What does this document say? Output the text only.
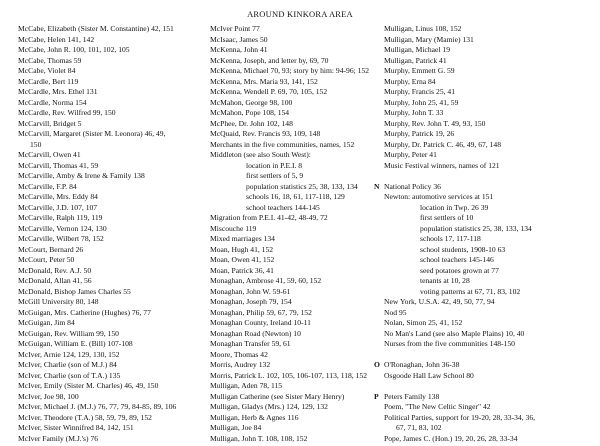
AROUND KINKORA AREA
McCabe, Elizabeth (Sister M. Constantine) 42, 151
McCabe, Helen 141, 142
McCabe, John R. 100, 101, 102, 105
McCabe, Thomas 59
McCabe, Violet 84
McCardle, Bert 119
McCardle, Mrs. Ethel 131
McCardle, Norma 154
McCardle, Rev. Wilfred 99, 150
McCarvill, Bridget 5
McCarvill, Margaret (Sister M. Leonora) 46, 49,
150
McCarvill, Owen 41
McCarvill, Thomas 41, 59
McCarville, Amby & Irene & Family 138
McCarville, F.P. 84
McCarville, Mrs. Eddy 84
McCarville, J.D. 107, 107
McCarville, Ralph 119, 119
McCarville, Vernon 124, 130
McCarville, Wilbert 78, 152
McCourt, Bernard 26
McCourt, Peter 50
McDonald, Rev. A.J. 50
McDonald, Allan 41, 56
McDonald, Bishop James Charles 55
McGill University 80, 148
McGuigan, Mrs. Catherine (Hughes) 76, 77
McGuigan, Jim 84
McGuigan, Rev. William 99, 150
McGuigan, William E. (Bill) 107-108
McIver, Arnie 124, 129, 130, 152
McIver, Charlie (son of M.J.) 84
McIver, Charlie (son of T.A.) 135
McIver, Emily (Sister M. Charles) 46, 49, 150
McIver, Joe 98, 100
McIver, Michael J. (M.J.) 76, 77, 79, 84-85, 89, 106
McIver, Theodore (T.A.) 58, 59, 79, 89, 152
McIver, Sister Winnifred 84, 142, 151
McIver Family (M.J.'s) 76
McIver Point 77
McIsaac, James 50
McKenna, John 41
McKenna, Joseph, and letter by, 69, 70
McKenna, Michael 70, 93; story by him: 94-96; 152
McKenna, Mrs. Maria 93, 141, 152
McKenna, Wendell P. 69, 70, 105, 152
McMahon, George 98, 100
McMahon, Pope 108, 154
McPhee, Dr. John 102, 148
McQuaid, Rev. Francis 93, 109, 148
Merchants in the five communities, names, 152
Middleton (see also South West):
location in P.E.I. 8
first settlers of 5, 9
population statistics 25, 38, 133, 134
schools 16, 18, 61, 117-118, 129
school teachers 144-145
Migration from P.E.I. 41-42, 48-49, 72
Miscouche 119
Mixed marriages 134
Moan, Hugh 41, 152
Moan, Owen 41, 152
Moan, Patrick 36, 41
Monaghan, Ambrose 41, 59, 60, 152
Monaghan, John W. 59-61
Monaghan, Joseph 79, 154
Monaghan, Philip 59, 67, 79, 152
Monaghan County, Ireland 10-11
Monaghan Road (Newton) 10
Monaghan Transfer 59, 61
Moore, Thomas 42
Morris, Audrey 132
Morris, Patrick L. 102, 105, 106-107, 113, 118, 152
Mulligan, Aden 78, 115
Mulligan Catherine (see Sister Mary Henry)
Mulligan, Gladys (Mrs.) 124, 129, 132
Mulligan, Herb & Agnes 116
Mulligan, Joe 84
Mulligan, John T. 108, 108, 152
Mulligan, Linus 108, 152
Mulligan, Mary (Mamie) 131
Mulligan, Michael 19
Mulligan, Patrick 41
Murphy, Emmett G. 59
Murphy, Erna 84
Murphy, Francis 25, 41
Murphy, John 25, 41, 59
Murphy, John T. 33
Murphy, Rev. John T. 49, 93, 150
Murphy, Patrick 19, 26
Murphy, Dr. Patrick C. 46, 49, 67, 148
Murphy, Peter 41
Music Festival winners, names of 121
N National Policy 36
Newton: automotive services at 151
location in Twp. 26 39
first settlers of 10
population statistics 25, 38, 133, 134
schools 17, 117-118
school students, 1908-10 63
school teachers 145-146
seed potatoes grown at 77
tenants at 10, 28
voting patterns at 67, 71, 83, 102
New York, U.S.A. 42, 49, 50, 77, 94
Nod 95
Nolan, Simon 25, 41, 152
No Man's Land (see also Maple Plains) 10, 40
Nurses from the five communities 148-150
O O'Ronaghan, John 36-38
Osgoode Hall Law School 80
P Peters Family 138
Poem, "The New Celtic Singer" 42
Political Parties, support for 19-20, 28, 33-34, 36,
67, 71, 83, 102
Pope, James C. (Hon.) 19, 20, 26, 28, 33-34
